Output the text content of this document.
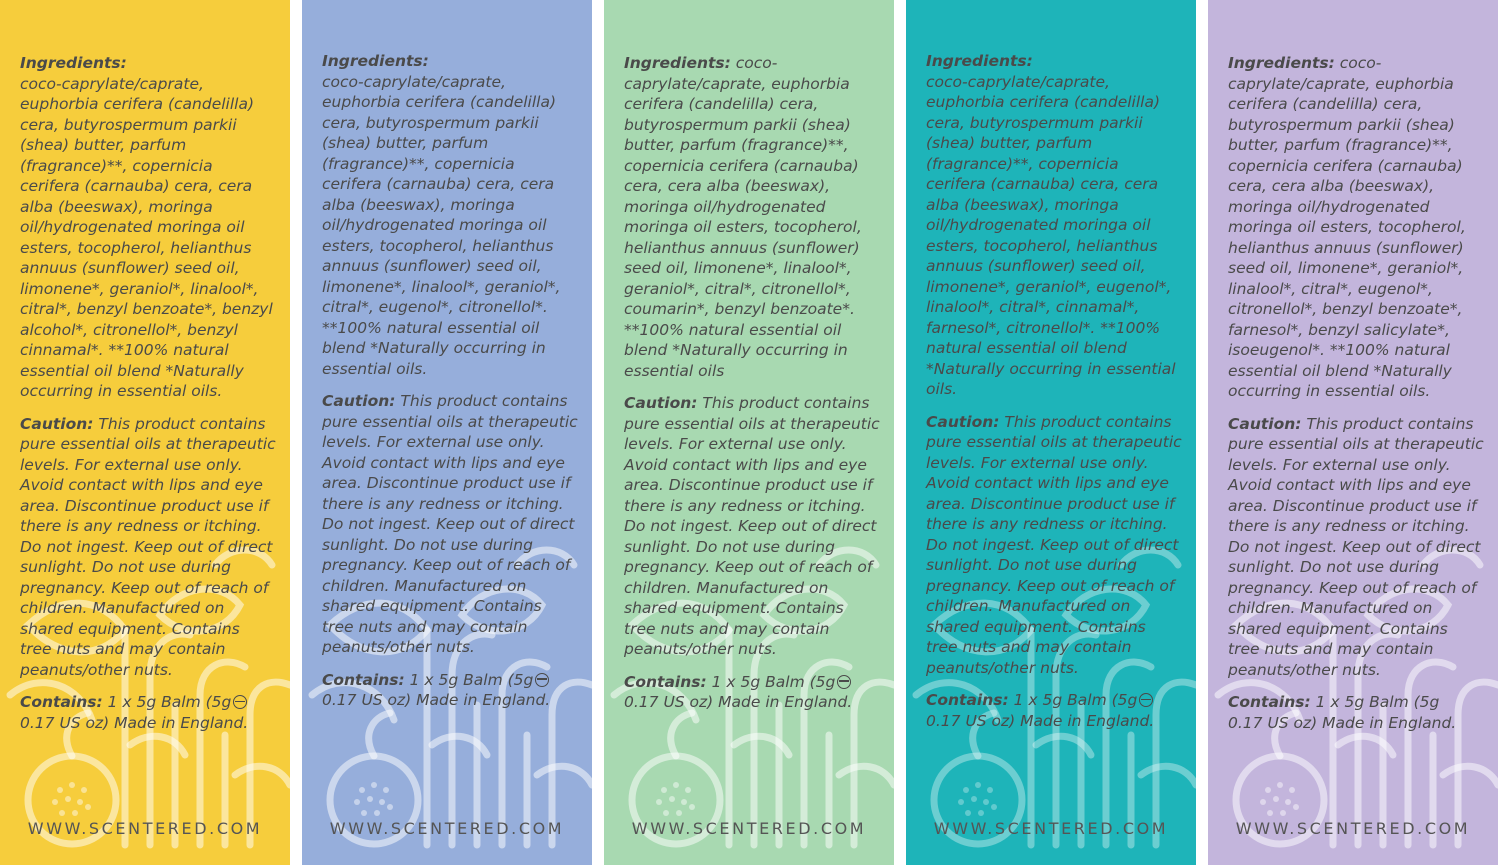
Ingredients:
coco-caprylate/caprate, euphorbia cerifera (candelilla) cera, butyrospermum parkii (shea) butter, parfum (fragrance)**, copernicia cerifera (carnauba) cera, cera alba (beeswax), moringa oil/hydrogenated moringa oil esters, tocopherol, helianthus annuus (sunflower) seed oil, limonene*, geraniol*, linalool*, citral*, benzyl benzoate*, benzyl alcohol*, citronellol*, benzyl cinnamal*. **100% natural essential oil blend *Naturally occurring in essential oils.

Caution: This product contains pure essential oils at therapeutic levels. For external use only. Avoid contact with lips and eye area. Discontinue product use if there is any redness or itching. Do not ingest. Keep out of direct sunlight. Do not use during pregnancy. Keep out of reach of children. Manufactured on shared equipment. Contains tree nuts and may contain peanuts/other nuts.

Contains: 1 x 5g Balm (5g
0.17 US oz) Made in England.

WWW.SCENTERED.COM

Ingredients:
coco-caprylate/caprate, euphorbia cerifera (candelilla) cera, butyrospermum parkii (shea) butter, parfum (fragrance)**, copernicia cerifera (carnauba) cera, cera alba (beeswax), moringa oil/hydrogenated moringa oil esters, tocopherol, helianthus annuus (sunflower) seed oil, limonene*, linalool*, geraniol*, citral*, eugenol*, citronellol*. **100% natural essential oil blend *Naturally occurring in essential oils.

Caution: This product contains pure essential oils at therapeutic levels. For external use only. Avoid contact with lips and eye area. Discontinue product use if there is any redness or itching. Do not ingest. Keep out of direct sunlight. Do not use during pregnancy. Keep out of reach of children. Manufactured on shared equipment. Contains tree nuts and may contain peanuts/other nuts.

Contains: 1 x 5g Balm (5g
0.17 US oz) Made in England.

WWW.SCENTERED.COM

Ingredients: coco-caprylate/caprate, euphorbia cerifera (candelilla) cera, butyrospermum parkii (shea) butter, parfum (fragrance)**, copernicia cerifera (carnauba) cera, cera alba (beeswax), moringa oil/hydrogenated moringa oil esters, tocopherol, helianthus annuus (sunflower) seed oil, limonene*, linalool*, geraniol*, citral*, citronellol*, coumarin*, benzyl benzoate*. **100% natural essential oil blend *Naturally occurring in essential oils

Caution: This product contains pure essential oils at therapeutic levels. For external use only. Avoid contact with lips and eye area. Discontinue product use if there is any redness or itching. Do not ingest. Keep out of direct sunlight. Do not use during pregnancy. Keep out of reach of children. Manufactured on shared equipment. Contains tree nuts and may contain peanuts/other nuts.

Contains: 1 x 5g Balm (5g
0.17 US oz) Made in England.

WWW.SCENTERED.COM

Ingredients:
coco-caprylate/caprate, euphorbia cerifera (candelilla) cera, butyrospermum parkii (shea) butter, parfum (fragrance)**, copernicia cerifera (carnauba) cera, cera alba (beeswax), moringa oil/hydrogenated moringa oil esters, tocopherol, helianthus annuus (sunflower) seed oil, limonene*, geraniol*, eugenol*, linalool*, citral*, cinnamal*, farnesol*, citronellol*. **100% natural essential oil blend *Naturally occurring in essential oils.

Caution: This product contains pure essential oils at therapeutic levels. For external use only. Avoid contact with lips and eye area. Discontinue product use if there is any redness or itching. Do not ingest. Keep out of direct sunlight. Do not use during pregnancy. Keep out of reach of children. Manufactured on shared equipment. Contains tree nuts and may contain peanuts/other nuts.

Contains: 1 x 5g Balm (5g
0.17 US oz) Made in England.

WWW.SCENTERED.COM

Ingredients: coco-caprylate/caprate, euphorbia cerifera (candelilla) cera, butyrospermum parkii (shea) butter, parfum (fragrance)**, copernicia cerifera (carnauba) cera, cera alba (beeswax), moringa oil/hydrogenated moringa oil esters, tocopherol, helianthus annuus (sunflower) seed oil, limonene*, geraniol*, linalool*, citral*, eugenol*, citronellol*, benzyl benzoate*, farnesol*, benzyl salicylate*, isoeugenol*. **100% natural essential oil blend *Naturally occurring in essential oils.

Caution: This product contains pure essential oils at therapeutic levels. For external use only. Avoid contact with lips and eye area. Discontinue product use if there is any redness or itching. Do not ingest. Keep out of direct sunlight. Do not use during pregnancy. Keep out of reach of children. Manufactured on shared equipment. Contains tree nuts and may contain peanuts/other nuts.

Contains: 1 x 5g Balm (5g
0.17 US oz) Made in England.

WWW.SCENTERED.COM
